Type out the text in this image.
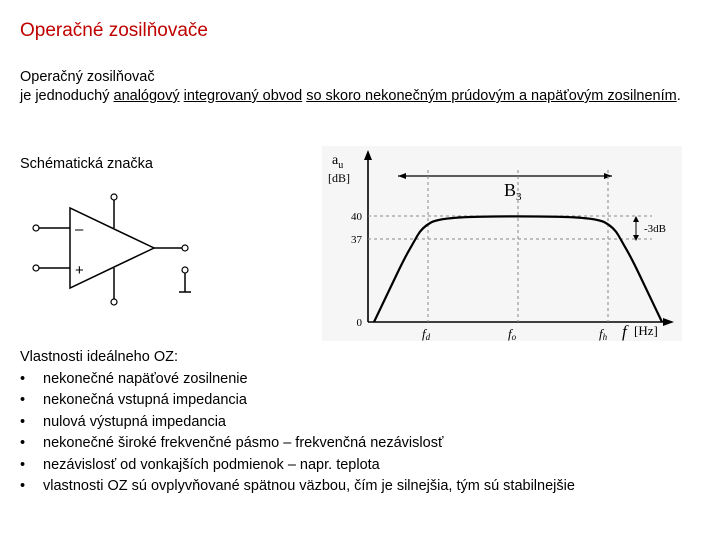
Operačné zosilňovače
Operačný zosilňovač
je jednoduchý analógový integrovaný obvod so skoro nekonečným prúdovým a napäťovým zosilnením.
Schématická značka
–
+
$a_u$
[dB]
$B_3$
40
37
0
fd	fo	fh f [Hz]
-3dB
Vlastnosti ideálneho OZ:
• nekonečné napäťové zosilnenie
• nekonečná vstupná impedancia
• nulová výstupná impedancia
• nekonečné široké frekvenčné pásmo – frekvenčná nezávislosť
• nezávislosť od vonkajších podmienok – napr. teplota
• vlastnosti OZ sú ovplyvňované spätnou väzbou, čím je silnejšia, tým sú stabilnejšie
